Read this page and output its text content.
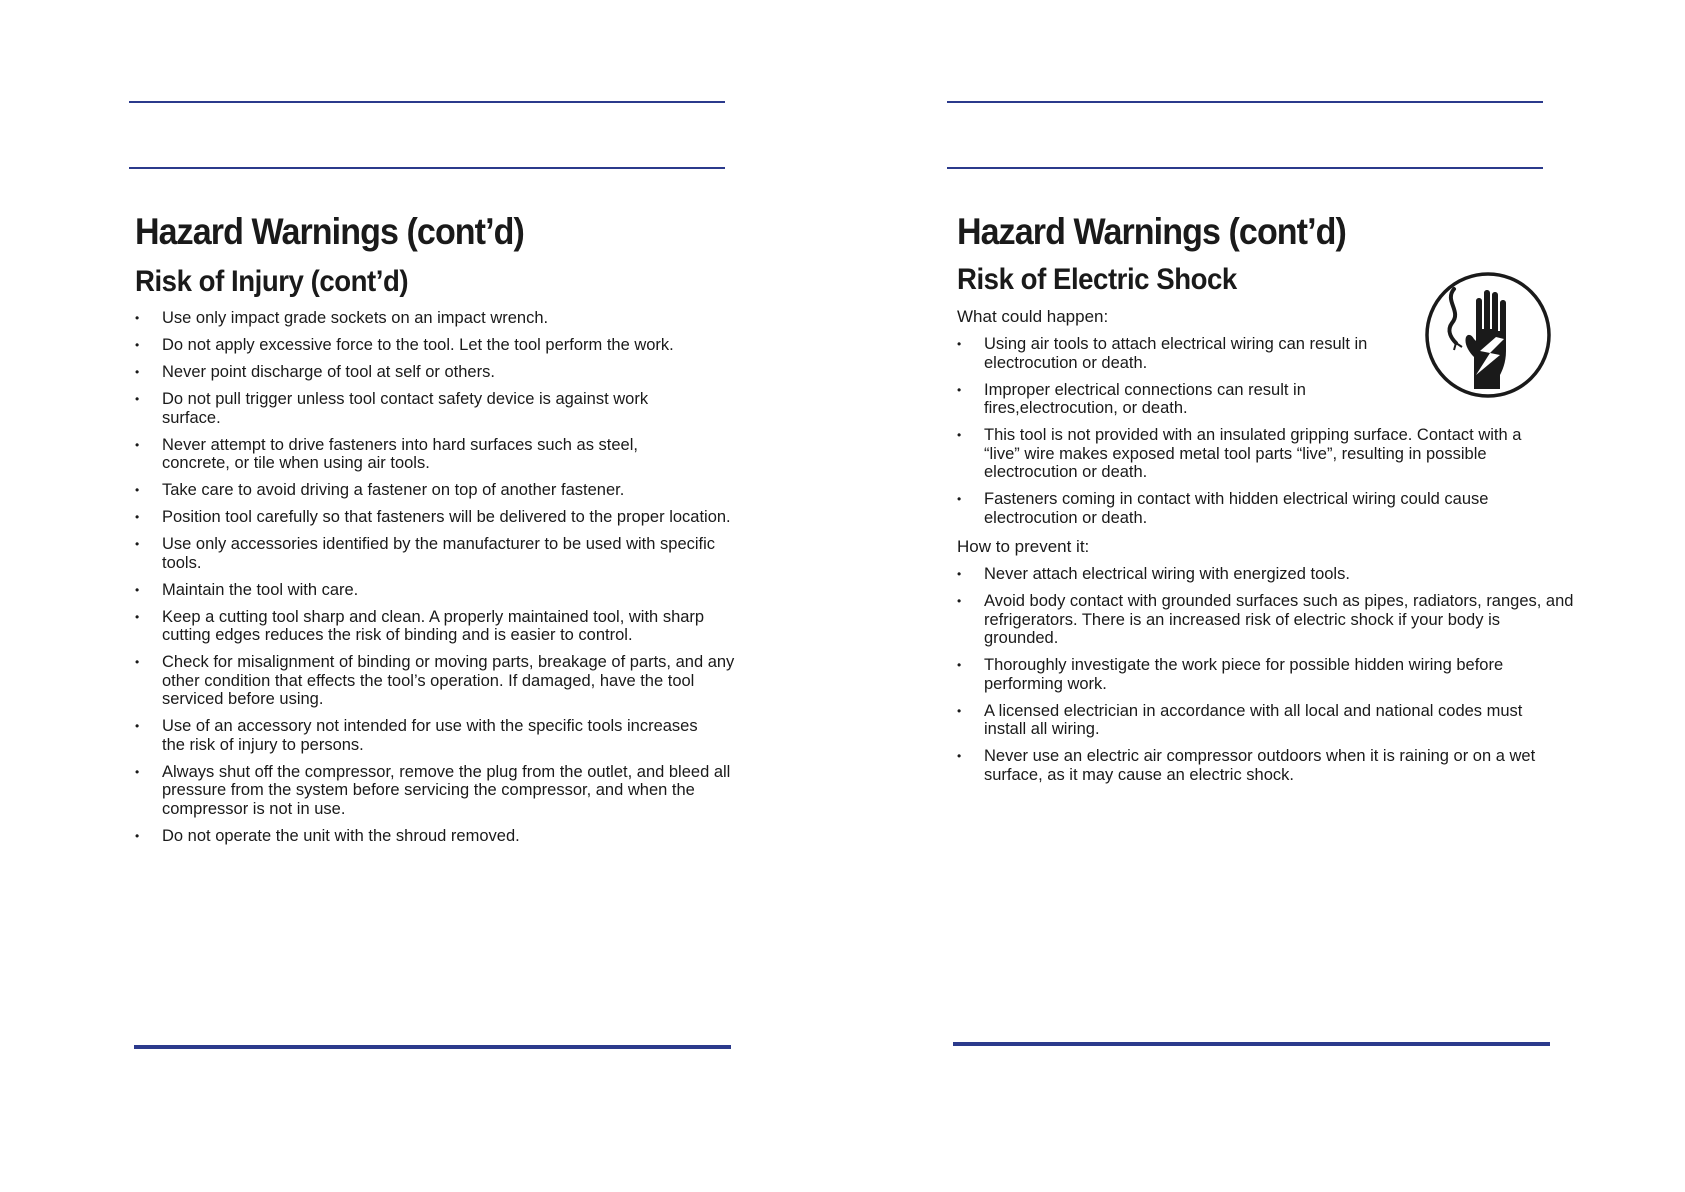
Hazard Warnings (cont’d)
Risk of Injury (cont’d)
• Use only impact grade sockets on an impact wrench.
• Do not apply excessive force to the tool. Let the tool perform the work.
• Never point discharge of tool at self or others.
• Do not pull trigger unless tool contact safety device is against work surface.
• Never attempt to drive fasteners into hard surfaces such as steel, concrete, or tile when using air tools.
• Take care to avoid driving a fastener on top of another fastener.
• Position tool carefully so that fasteners will be delivered to the proper location.
• Use only accessories identified by the manufacturer to be used with specific tools.
• Maintain the tool with care.
• Keep a cutting tool sharp and clean. A properly maintained tool, with sharp cutting edges reduces the risk of binding and is easier to control.
• Check for misalignment of binding or moving parts, breakage of parts, and any other condition that effects the tool’s operation. If damaged, have the tool serviced before using.
• Use of an accessory not intended for use with the specific tools increases the risk of injury to persons.
• Always shut off the compressor, remove the plug from the outlet, and bleed all pressure from the system before servicing the compressor, and when the compressor is not in use.
• Do not operate the unit with the shroud removed.
Hazard Warnings (cont’d)
Risk of Electric Shock
What could happen:
• Using air tools to attach electrical wiring can result in electrocution or death.
• Improper electrical connections can result in fires,electrocution, or death.
• This tool is not provided with an insulated gripping surface. Contact with a “live” wire makes exposed metal tool parts “live”, resulting in possible electrocution or death.
• Fasteners coming in contact with hidden electrical wiring could cause electrocution or death.
How to prevent it:
• Never attach electrical wiring with energized tools.
• Avoid body contact with grounded surfaces such as pipes, radiators, ranges, and refrigerators. There is an increased risk of electric shock if your body is grounded.
• Thoroughly investigate the work piece for possible hidden wiring before performing work.
• A licensed electrician in accordance with all local and national codes must install all wiring.
• Never use an electric air compressor outdoors when it is raining or on a wet surface, as it may cause an electric shock.
